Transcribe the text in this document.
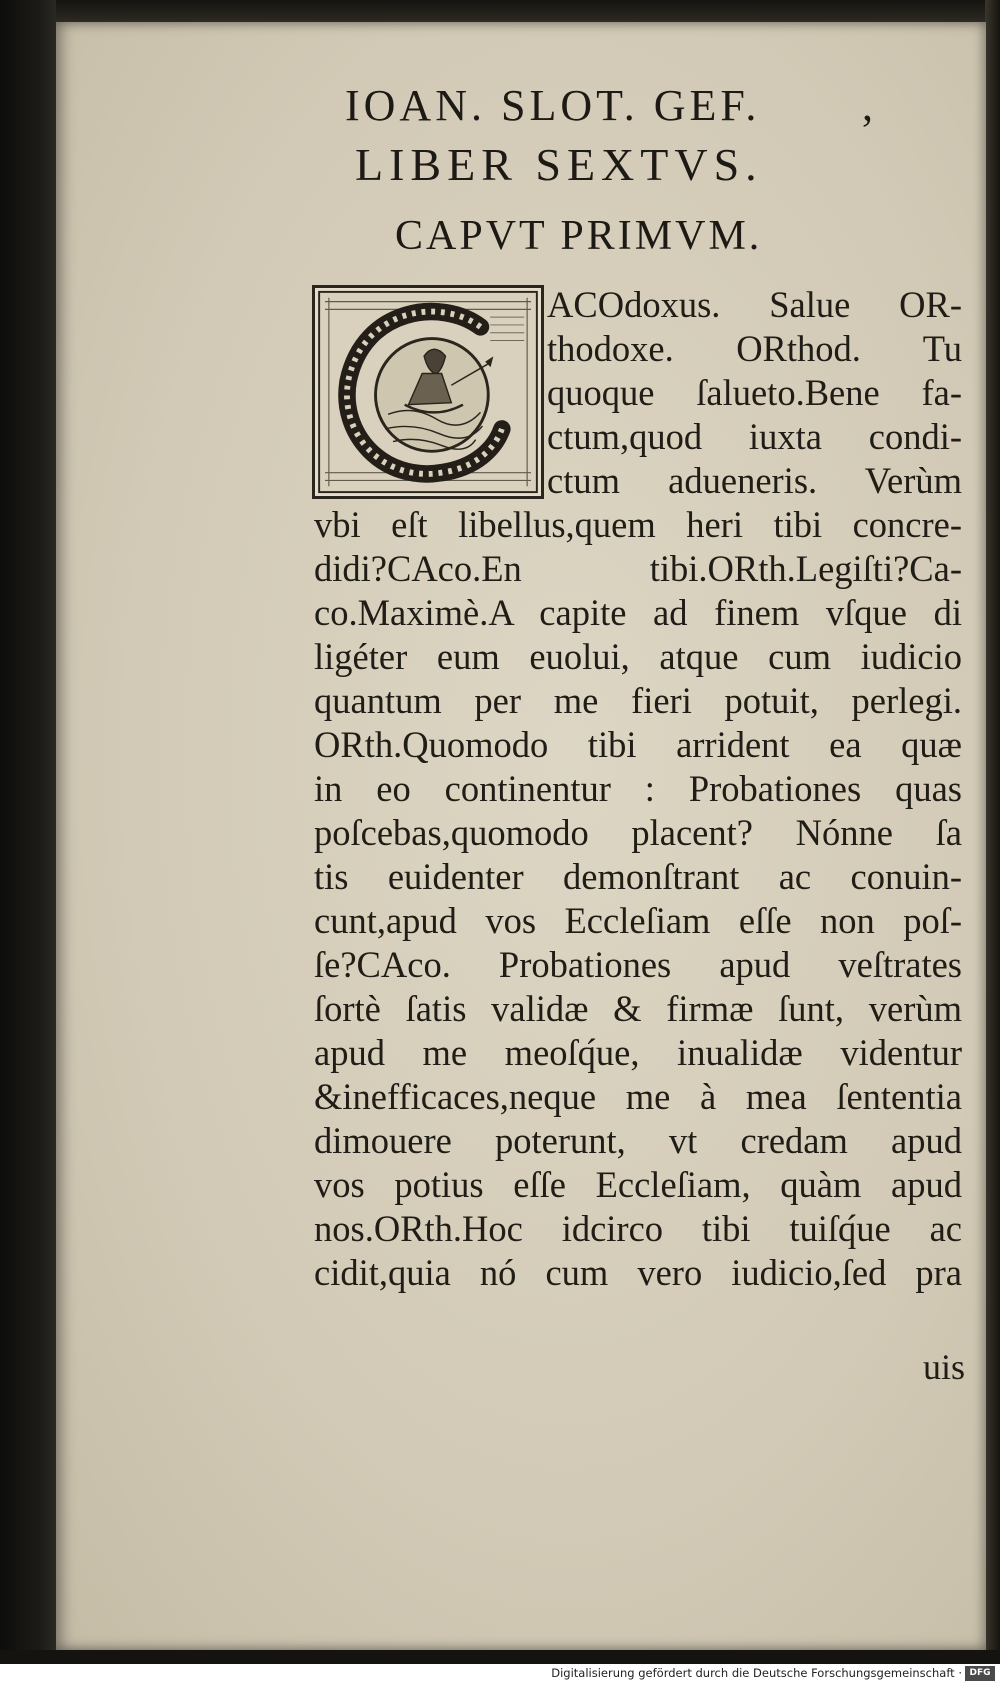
IOAN. SLOT. GEF.	,
LIBER SEXTVS.
CAPVT PRIMVM.
ACOdoxus. Salue OR-
thodoxe. ORthod. Tu
quoque ſalueto.Bene fa-
ctum,quod iuxta condi-
ctum adueneris. Verùm
vbi eſt libellus,quem heri tibi concre-
didi?CAco.En tibi.ORth.Legiſti?Ca-
co.Maximè.A capite ad finem vſque di
ligéter eum euolui, atque cum iudicio
quantum per me fieri potuit, perlegi.
ORth.Quomodo tibi arrident ea quæ
in eo continentur : Probationes quas
poſcebas,quomodo placent? Nónne ſa
tis euidenter demonſtrant ac conuin-
cunt,apud vos Eccleſiam eſſe non poſ-
ſe?CAco. Probationes apud veſtrates
ſortè ſatis validæ & firmæ ſunt, verùm
apud me meoſq́ue, inualidæ videntur
&inefficaces,neque me à mea ſententia
dimouere poterunt, vt credam apud
vos potius eſſe Eccleſiam, quàm apud
nos.ORth.Hoc idcirco tibi tuiſq́ue ac
cidit,quia nó cum vero iudicio,ſed pra
uis
Digitalisierung gefördert durch die Deutsche Forschungsgemeinschaft · DFG
